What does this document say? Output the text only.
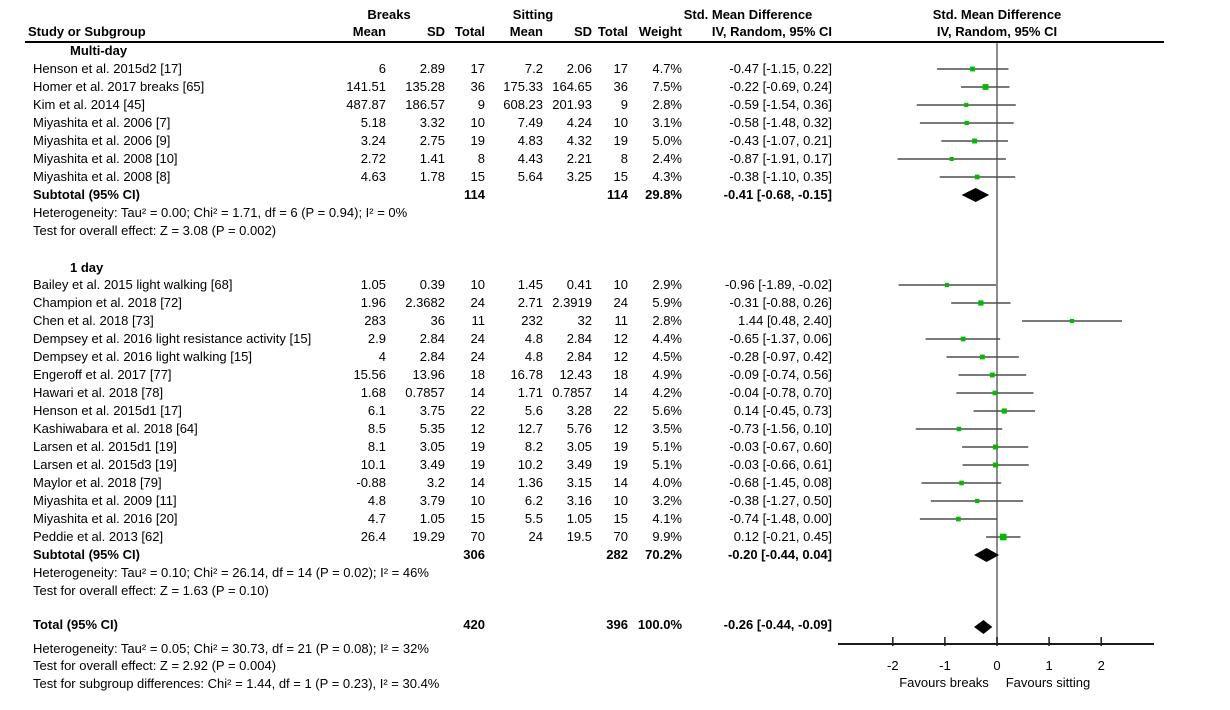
Study or Subgroup
Breaks	Sitting	Std. Mean Difference
IV, Random, 95% CI
Std. Mean Difference
IV, Random, 95% CI
Mean	SD Total Mean SD Total Weight
Multi-day
Henson et al. 2015d2 [17]	6	2.89 17	7.2 2.06 17 4.7%	-0.47 [-1.15, 0.22]
Homer et al. 2017 breaks [65]	141.51 135.28 36 175.33 164.65 36 7.5%	-0.22 [-0.69, 0.24]
Kim et al. 2014 [45]	487.87 186.57	9 608.23 201.93 9 2.8%	-0.59 [-1.54, 0.36]
Miyashita et al. 2006 [7]	5.18	3.32 10	7.49 4.24 10 3.1%	-0.58 [-1.48, 0.32]
Miyashita et al. 2006 [9]	3.24	2.75 19	4.83 4.32 19 5.0%	-0.43 [-1.07, 0.21]
Miyashita et al. 2008 [10]	2.72	1.41	8	4.43 2.21 8 2.4%	-0.87 [-1.91, 0.17]
Miyashita et al. 2008 [8]	4.63	1.78 15	5.64 3.25 15 4.3%	-0.38 [-1.10, 0.35]
Subtotal (95% CI)	114	114 29.8%	-0.41 [-0.68, -0.15]
Heterogeneity: Tau² = 0.00; Chi² = 1.71, df = 6 (P = 0.94); I² = 0%
Test for overall effect: Z = 3.08 (P = 0.002)
1 day
Bailey et al. 2015 light walking [68]	1.05	0.39 10	1.45 0.41 10 2.9%	-0.96 [-1.89, -0.02]
Champion et al. 2018 [72]	1.96 2.3682 24	2.71 2.3919 24 5.9%	-0.31 [-0.88, 0.26]
Chen et al. 2018 [73]	283	36 11	232	32 11 2.8%	1.44 [0.48, 2.40]
Dempsey et al. 2016 light resistance activity [15]	2.9	2.84 24	4.8 2.84 12 4.4%	-0.65 [-1.37, 0.06]
Dempsey et al. 2016 light walking [15]	4	2.84 24	4.8 2.84 12 4.5%	-0.28 [-0.97, 0.42]
Engeroff et al. 2017 [77]	15.56 13.96 18 16.78 12.43 18 4.9%	-0.09 [-0.74, 0.56]
Hawari et al. 2018 [78]	1.68 0.7857 14	1.71 0.7857 14 4.2%	-0.04 [-0.78, 0.70]
Henson et al. 2015d1 [17]	6.1	3.75 22	5.6 3.28 22 5.6%	0.14 [-0.45, 0.73]
Kashiwabara et al. 2018 [64]	8.5	5.35 12	12.7 5.76 12 3.5%	-0.73 [-1.56, 0.10]
Larsen et al. 2015d1 [19]	8.1	3.05 19	8.2 3.05 19 5.1%	-0.03 [-0.67, 0.60]
Larsen et al. 2015d3 [19]	10.1	3.49 19	10.2 3.49 19 5.1%	-0.03 [-0.66, 0.61]
Maylor et al. 2018 [79]	-0.88	3.2 14	1.36 3.15 14 4.0%	-0.68 [-1.45, 0.08]
Miyashita et al. 2009 [11]	4.8	3.79 10	6.2 3.16 10 3.2%	-0.38 [-1.27, 0.50]
Miyashita et al. 2016 [20]	4.7	1.05 15	5.5 1.05 15 4.1%	-0.74 [-1.48, 0.00]
Peddie et al. 2013 [62]	26.4 19.29 70	24 19.5 70 9.9%	0.12 [-0.21, 0.45]
Subtotal (95% CI)	306	282 70.2%	-0.20 [-0.44, 0.04]
Heterogeneity: Tau² = 0.10; Chi² = 26.14, df = 14 (P = 0.02); I² = 46%
Test for overall effect: Z = 1.63 (P = 0.10)
Total (95% CI)	420	396 100.0%	-0.26 [-0.44, -0.09]
Heterogeneity: Tau² = 0.05; Chi² = 30.73, df = 21 (P = 0.08); I² = 32%
Test for overall effect: Z = 2.92 (P = 0.004)
Test for subgroup differences: Chi² = 1.44, df = 1 (P = 0.23), I² = 30.4%
-2	-1	0	1	2
Favours breaks Favours sitting
